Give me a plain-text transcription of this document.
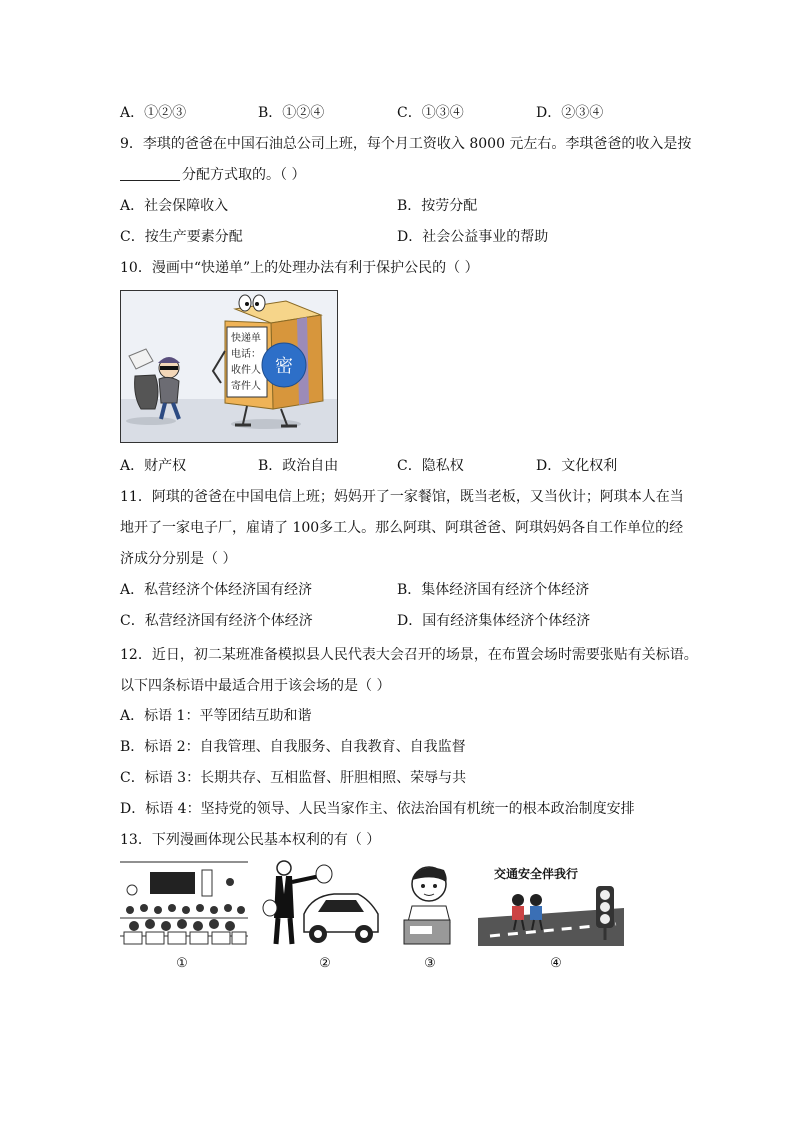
A．①②③	B．①②④	C．①③④	D．②③④
9．李琪的爸爸在中国石油总公司上班，每个月工资收入 8000 元左右。李琪爸爸的收入是按
分配方式取的。（ ）
A．社会保障收入	B．按劳分配
C．按生产要素分配	D．社会公益事业的帮助
10．漫画中“快递单”上的处理办法有利于保护公民的（ ）
快递单
电话：
收件人
寄件人
密
A．财产权	B．政治自由	C．隐私权	D．文化权利
11．阿琪的爸爸在中国电信上班；妈妈开了一家餐馆，既当老板，又当伙计；阿琪本人在当
地开了一家电子厂，雇请了 100多工人。那么阿琪、阿琪爸爸、阿琪妈妈各自工作单位的经
济成分分别是（ ）
A．私营经济个体经济国有经济	B．集体经济国有经济个体经济
C．私营经济国有经济个体经济	D．国有经济集体经济个体经济
12．近日，初二某班准备模拟县人民代表大会召开的场景，在布置会场时需要张贴有关标语。
以下四条标语中最适合用于该会场的是（ ）
A．标语 1：平等团结互助和谐
B．标语 2：自我管理、自我服务、自我教育、自我监督
C．标语 3：长期共存、互相监督、肝胆相照、荣辱与共
D．标语 4：坚持党的领导、人民当家作主、依法治国有机统一的根本政治制度安排
13．下列漫画体现公民基本权利的有（ ）
交通安全伴我行
①	②	③	④
